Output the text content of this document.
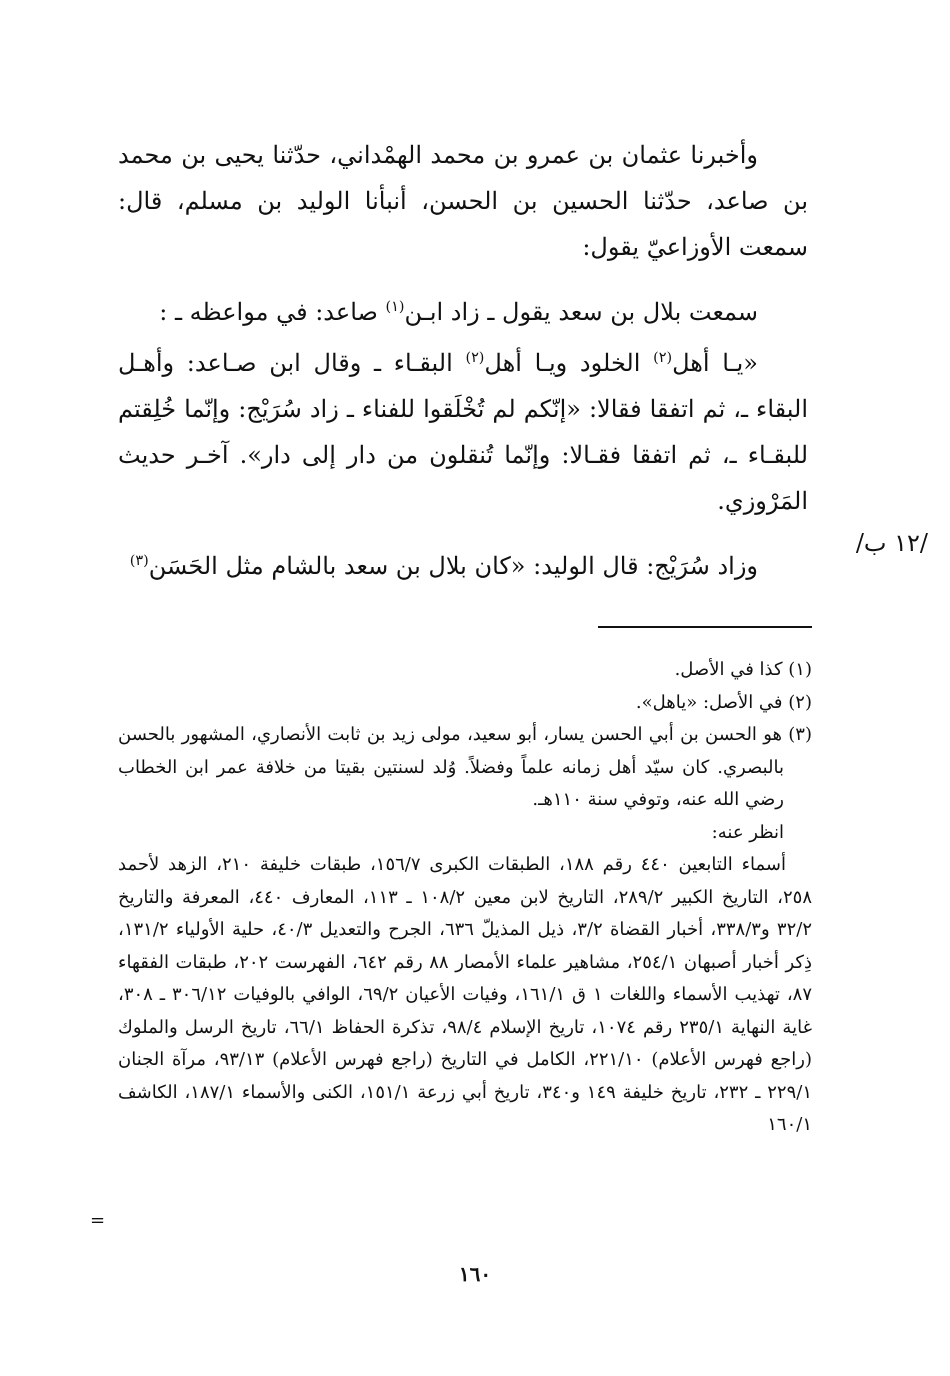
وأخبرنا عثمان بن عمرو بن محمد الهمْداني، حدّثنا يحيى بن محمد بن صاعد، حدّثنا الحسين بن الحسن، أنبأنا الوليد بن مسلم، قال: سمعت الأوزاعيّ يقول:

سمعت بلال بن سعد يقول ـ زاد ابـن$^{(١)}$ صاعد: في مواعظه ـ :

«يـا أهل$^{(٢)}$ الخلود ويـا أهل$^{(٢)}$ البقـاء ـ وقال ابن صـاعد: وأهـل البقاء ـ، ثم اتفقا فقالا: «إنّكم لم تُخْلَقوا للفناء ـ زاد سُرَيْج: وإنّما خُلِقتم للبقـاء ـ، ثم اتفقا فقـالا: وإنّما تُنقلون من دار إلى دار». آخـر حديث المَرْوزي.

وزاد سُرَيْج: قال الوليد: «كان بلال بن سعد بالشام مثل الحَسَن$^{(٣)}$

/١٢ ب/

(١) كذا في الأصل.

(٢) في الأصل: «ياهل».

(٣) هو الحسن بن أبي الحسن يسار، أبو سعيد، مولى زيد بن ثابت الأنصاري، المشهور بالحسن بالبصري. كان سيّد أهل زمانه علماً وفضلاً. وُلد لسنتين بقيتا من خلافة عمر ابن الخطاب رضي الله عنه، وتوفي سنة ١١٠هـ.

انظر عنه:

أسماء التابعين ٤٤٠ رقم ١٨٨، الطبقات الكبرى ١٥٦/٧، طبقات خليفة ٢١٠، الزهد لأحمد ٢٥٨، التاريخ الكبير ٢٨٩/٢، التاريخ لابن معين ١٠٨/٢ ـ ١١٣، المعارف ٤٤٠، المعرفة والتاريخ ٣٢/٢ و٣٣٨/٣، أخبار القضاة ٣/٢، ذيل المذيلّ ٦٣٦، الجرح والتعديل ٤٠/٣، حلية الأولياء ١٣١/٢، ذِكر أخبار أصبهان ٢٥٤/١، مشاهير علماء الأمصار ٨٨ رقم ٦٤٢، الفهرست ٢٠٢، طبقات الفقهاء ٨٧، تهذيب الأسماء واللغات ١ ق ١٦١/١، وفيات الأعيان ٦٩/٢، الوافي بالوفيات ٣٠٦/١٢ ـ ٣٠٨، غاية النهاية ٢٣٥/١ رقم ١٠٧٤، تاريخ الإسلام ٩٨/٤، تذكرة الحفاظ ٦٦/١، تاريخ الرسل والملوك (راجع فهرس الأعلام) ٢٢١/١٠، الكامل في التاريخ (راجع فهرس الأعلام) ٩٣/١٣، مرآة الجنان ٢٢٩/١ ـ ٢٣٢، تاريخ خليفة ١٤٩ و٣٤٠، تاريخ أبي زرعة ١٥١/١، الكنى والأسماء ١٨٧/١، الكاشف ١٦٠/١

=
١٦٠
